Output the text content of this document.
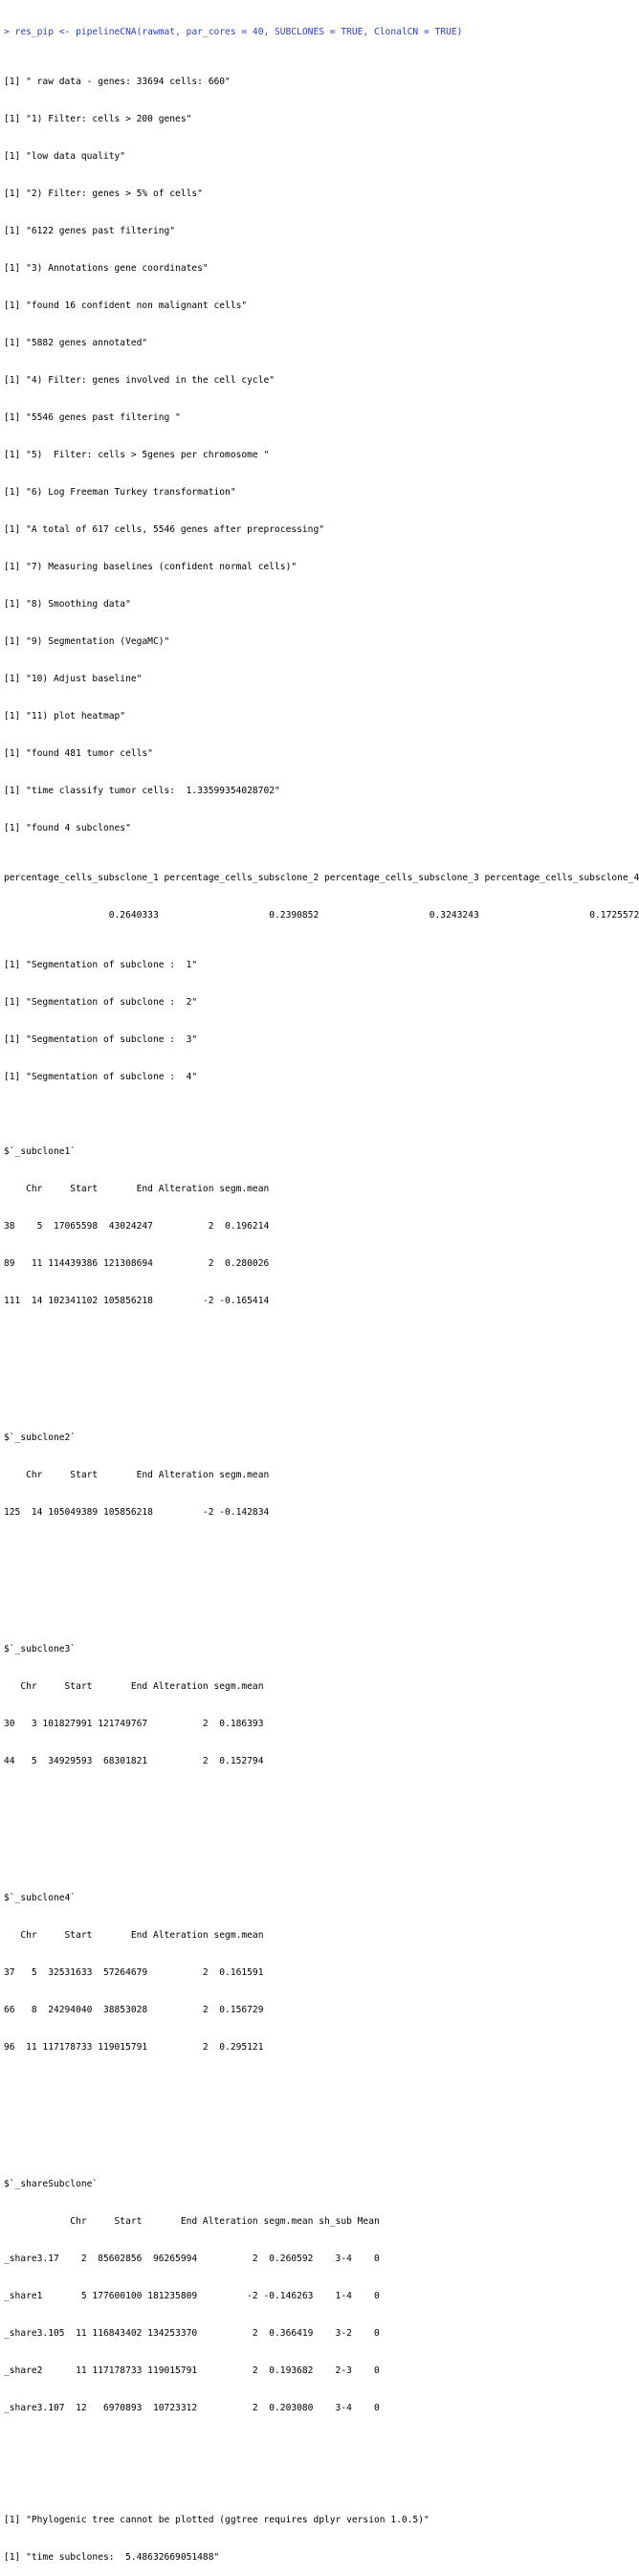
> res_pip <- pipelineCNA(rawmat, par_cores = 40, SUBCLONES = TRUE, ClonalCN = TRUE)

[1] " raw data - genes: 33694 cells: 660"

[1] "1) Filter: cells > 200 genes"

[1] "low data quality"

[1] "2) Filter: genes > 5% of cells"

[1] "6122 genes past filtering"

[1] "3) Annotations gene coordinates"

[1] "found 16 confident non malignant cells"

[1] "5882 genes annotated"

[1] "4) Filter: genes involved in the cell cycle"

[1] "5546 genes past filtering "

[1] "5)  Filter: cells > 5genes per chromosome "

[1] "6) Log Freeman Turkey transformation"

[1] "A total of 617 cells, 5546 genes after preprocessing"

[1] "7) Measuring baselines (confident normal cells)"

[1] "8) Smoothing data"

[1] "9) Segmentation (VegaMC)"

[1] "10) Adjust baseline"

[1] "11) plot heatmap"

[1] "found 481 tumor cells"

[1] "time classify tumor cells:  1.33599354028702"

[1] "found 4 subclones"

percentage_cells_subsclone_1 percentage_cells_subsclone_2 percentage_cells_subsclone_3 percentage_cells_subsclone_4

0.2640333                    0.2390852                    0.3243243                    0.1725572

[1] "Segmentation of subclone :  1"

[1] "Segmentation of subclone :  2"

[1] "Segmentation of subclone :  3"

[1] "Segmentation of subclone :  4"

$`_subclone1`

Chr     Start       End Alteration segm.mean

38    5  17065598  43024247          2  0.196214

89   11 114439386 121308694          2  0.280026

111  14 102341102 105856218         -2 -0.165414

$`_subclone2`

Chr     Start       End Alteration segm.mean

125  14 105049389 105856218         -2 -0.142834

$`_subclone3`

Chr     Start       End Alteration segm.mean

30   3 101827991 121749767          2  0.186393

44   5  34929593  68301821          2  0.152794

$`_subclone4`

Chr     Start       End Alteration segm.mean

37   5  32531633  57264679          2  0.161591

66   8  24294040  38853028          2  0.156729

96  11 117178733 119015791          2  0.295121

$`_shareSubclone`

Chr     Start       End Alteration segm.mean sh_sub Mean

_share3.17    2  85602856  96265994          2  0.260592    3-4    0

_share1       5 177600100 181235809         -2 -0.146263    1-4    0

_share3.105  11 116843402 134253370          2  0.366419    3-2    0

_share2      11 117178733 119015791          2  0.193682    2-3    0

_share3.107  12   6970893  10723312          2  0.203080    3-4    0

[1] "Phylogenic tree cannot be plotted (ggtree requires dplyr version 1.0.5)"

[1] "time subclones:  5.48632669051488"
